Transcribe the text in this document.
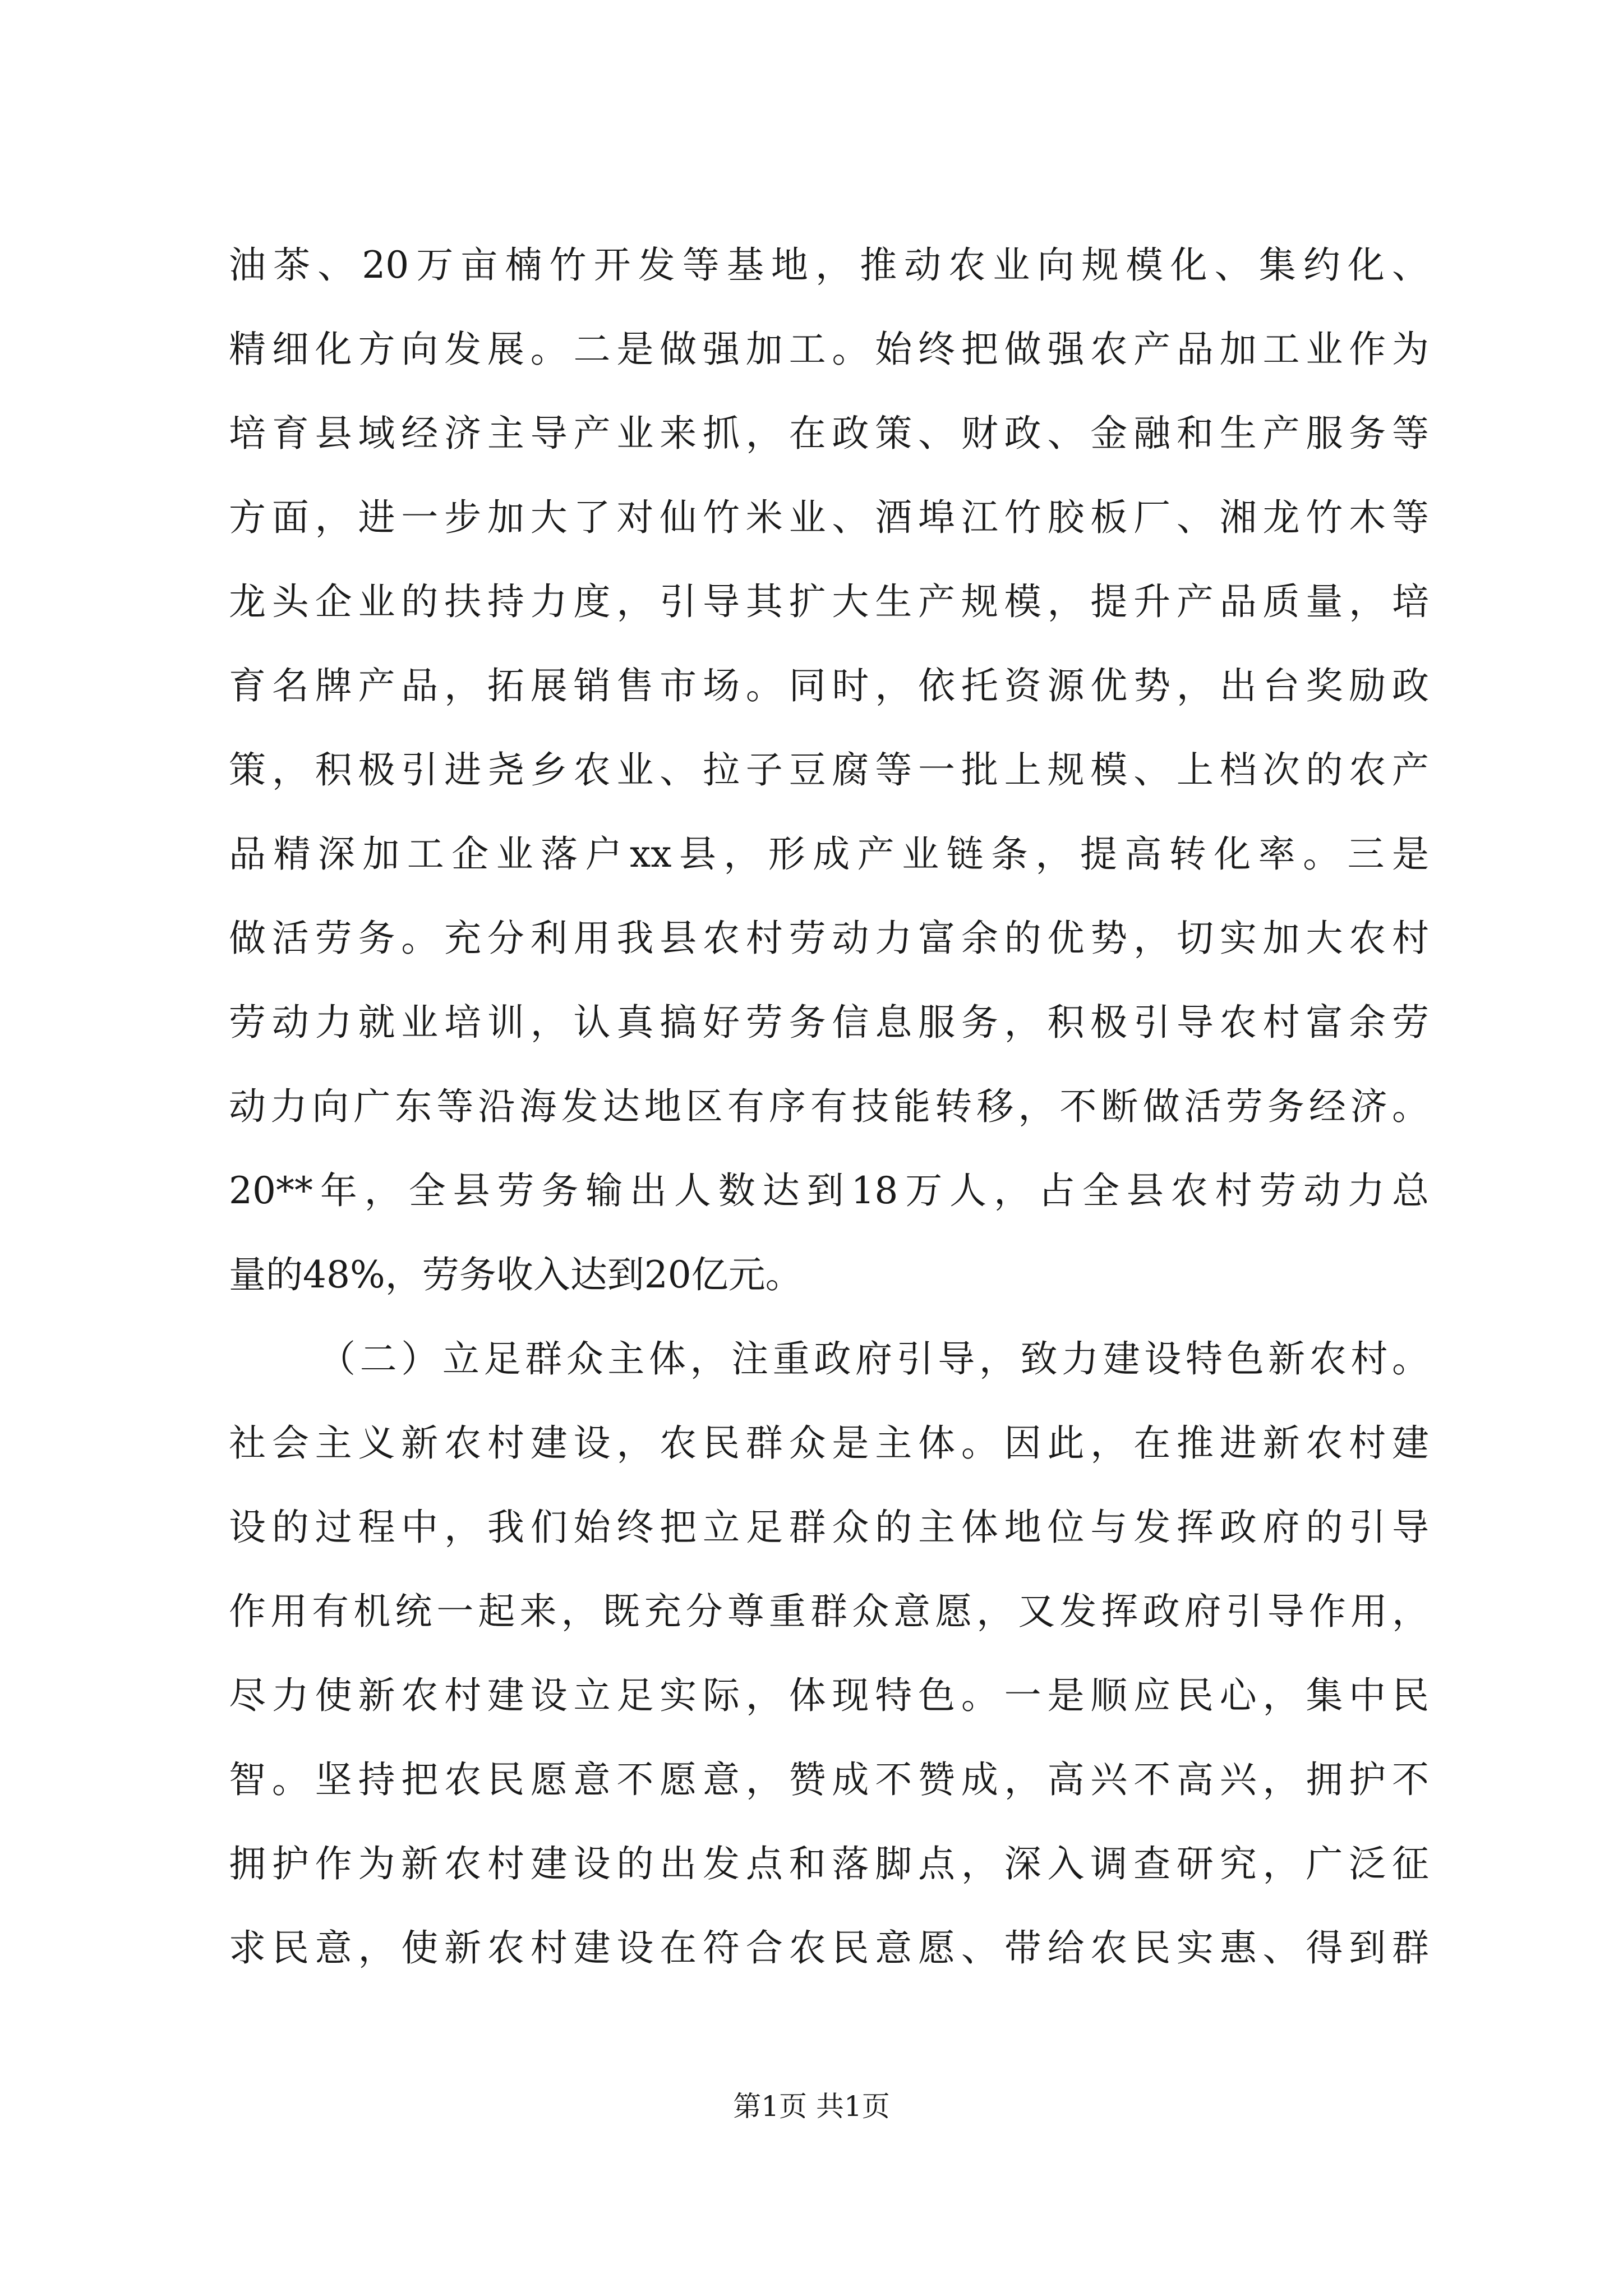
油茶、20万亩楠竹开发等基地，推动农业向规模化、集约化、
精细化方向发展。二是做强加工。始终把做强农产品加工业作为
培育县域经济主导产业来抓，在政策、财政、金融和生产服务等
方面，进一步加大了对仙竹米业、酒埠江竹胶板厂、湘龙竹木等
龙头企业的扶持力度，引导其扩大生产规模，提升产品质量，培
育名牌产品，拓展销售市场。同时，依托资源优势，出台奖励政
策，积极引进尧乡农业、拉子豆腐等一批上规模、上档次的农产
品精深加工企业落户xx县，形成产业链条，提高转化率。三是
做活劳务。充分利用我县农村劳动力富余的优势，切实加大农村
劳动力就业培训，认真搞好劳务信息服务，积极引导农村富余劳
动力向广东等沿海发达地区有序有技能转移，不断做活劳务经济。
20**年，全县劳务输出人数达到18万人，占全县农村劳动力总
量的48%，劳务收入达到20亿元。
（二）立足群众主体，注重政府引导，致力建设特色新农村。
社会主义新农村建设，农民群众是主体。因此，在推进新农村建
设的过程中，我们始终把立足群众的主体地位与发挥政府的引导
作用有机统一起来，既充分尊重群众意愿，又发挥政府引导作用，
尽力使新农村建设立足实际，体现特色。一是顺应民心，集中民
智。坚持把农民愿意不愿意，赞成不赞成，高兴不高兴，拥护不
拥护作为新农村建设的出发点和落脚点，深入调查研究，广泛征
求民意，使新农村建设在符合农民意愿、带给农民实惠、得到群
第1页 共1页
